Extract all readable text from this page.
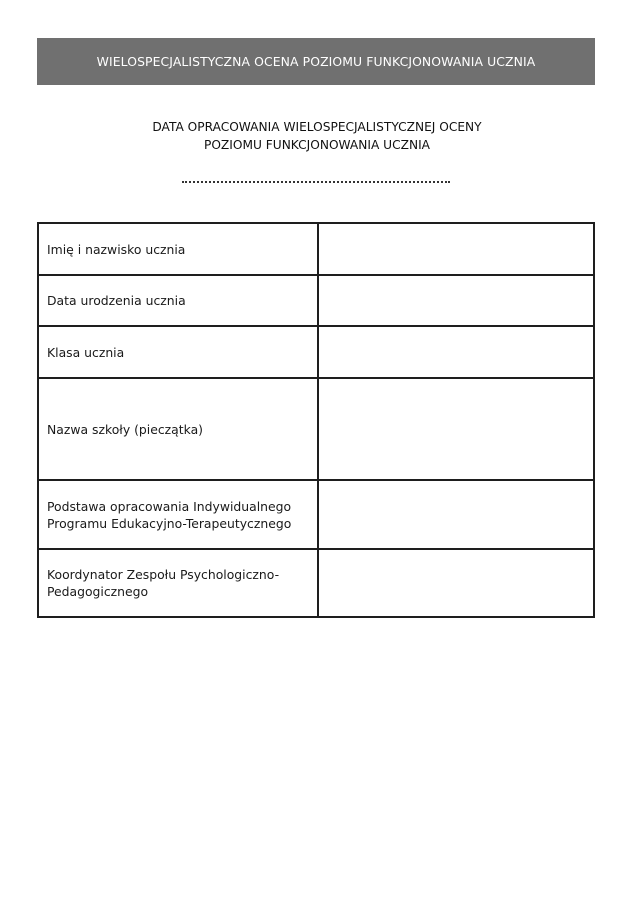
WIELOSPECJALISTYCZNA OCENA POZIOMU FUNKCJONOWANIA UCZNIA
DATA OPRACOWANIA WIELOSPECJALISTYCZNEJ OCENY
POZIOMU FUNKCJONOWANIA UCZNIA
Imię i nazwisko ucznia	
Data urodzenia ucznia	
Klasa ucznia	
Nazwa szkoły (pieczątka)	
Podstawa opracowania Indywidualnego Programu Edukacyjno-Terapeutycznego	
Koordynator Zespołu Psychologiczno-Pedagogicznego	
